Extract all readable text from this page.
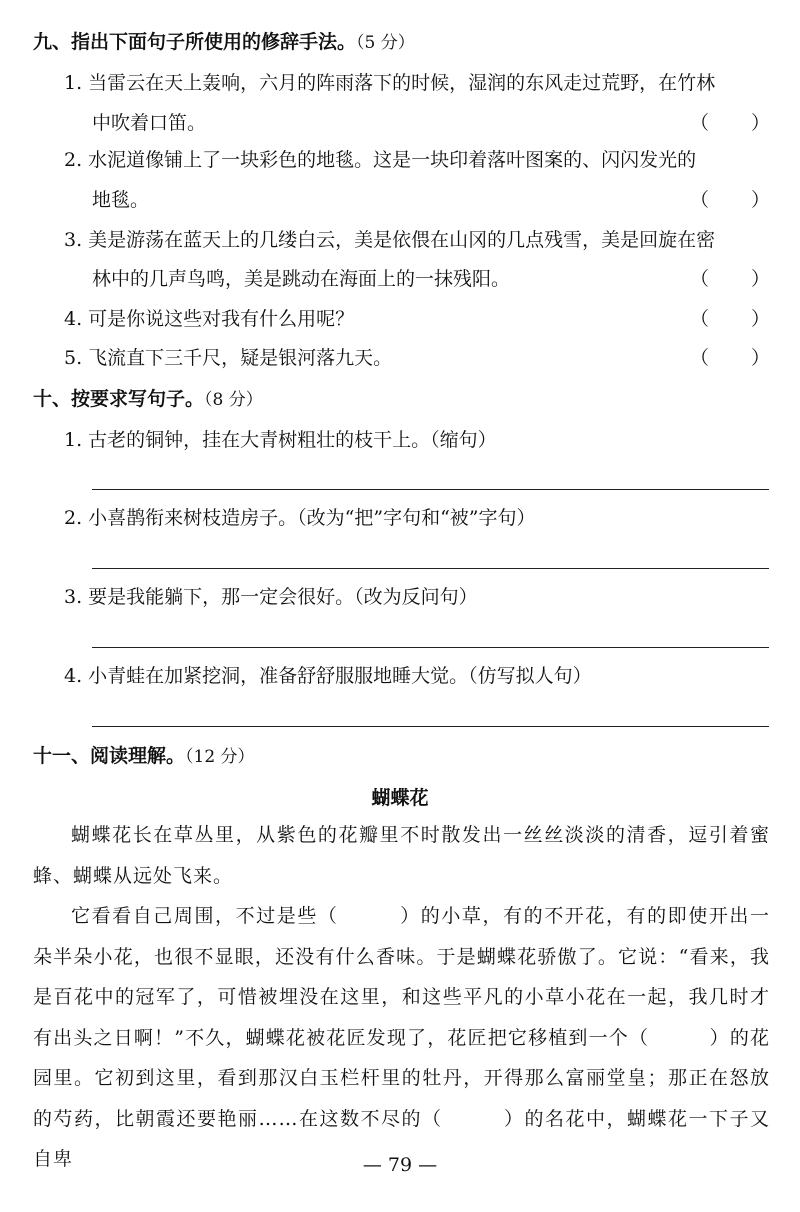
九、指出下面句子所使用的修辞手法。（5 分）
1. 当雷云在天上轰响，六月的阵雨落下的时候，湿润的东风走过荒野，在竹林
中吹着口笛。	（ ）
2. 水泥道像铺上了一块彩色的地毯。这是一块印着落叶图案的、闪闪发光的
地毯。	（ ）
3. 美是游荡在蓝天上的几缕白云，美是依偎在山冈的几点残雪，美是回旋在密
林中的几声鸟鸣，美是跳动在海面上的一抹残阳。	（ ）
4. 可是你说这些对我有什么用呢？	（ ）
5. 飞流直下三千尺，疑是银河落九天。	（ ）
十、按要求写句子。（8 分）
1. 古老的铜钟，挂在大青树粗壮的枝干上。（缩句）
2. 小喜鹊衔来树枝造房子。（改为“把”字句和“被”字句）
3. 要是我能躺下，那一定会很好。（改为反问句）
4. 小青蛙在加紧挖洞，准备舒舒服服地睡大觉。（仿写拟人句）
十一、阅读理解。（12 分）
蝴蝶花
蝴蝶花长在草丛里，从紫色的花瓣里不时散发出一丝丝淡淡的清香，逗引着蜜蜂、蝴蝶从远处飞来。
它看看自己周围，不过是些（　　　）的小草，有的不开花，有的即使开出一朵半朵小花，也很不显眼，还没有什么香味。于是蝴蝶花骄傲了。它说：“看来，我是百花中的冠军了，可惜被埋没在这里，和这些平凡的小草小花在一起，我几时才有出头之日啊！”不久，蝴蝶花被花匠发现了，花匠把它移植到一个（　　　）的花园里。它初到这里，看到那汉白玉栏杆里的牡丹，开得那么富丽堂皇；那正在怒放的芍药，比朝霞还要艳丽……在这数不尽的（　　　）的名花中，蝴蝶花一下子又自卑	— 79 —
